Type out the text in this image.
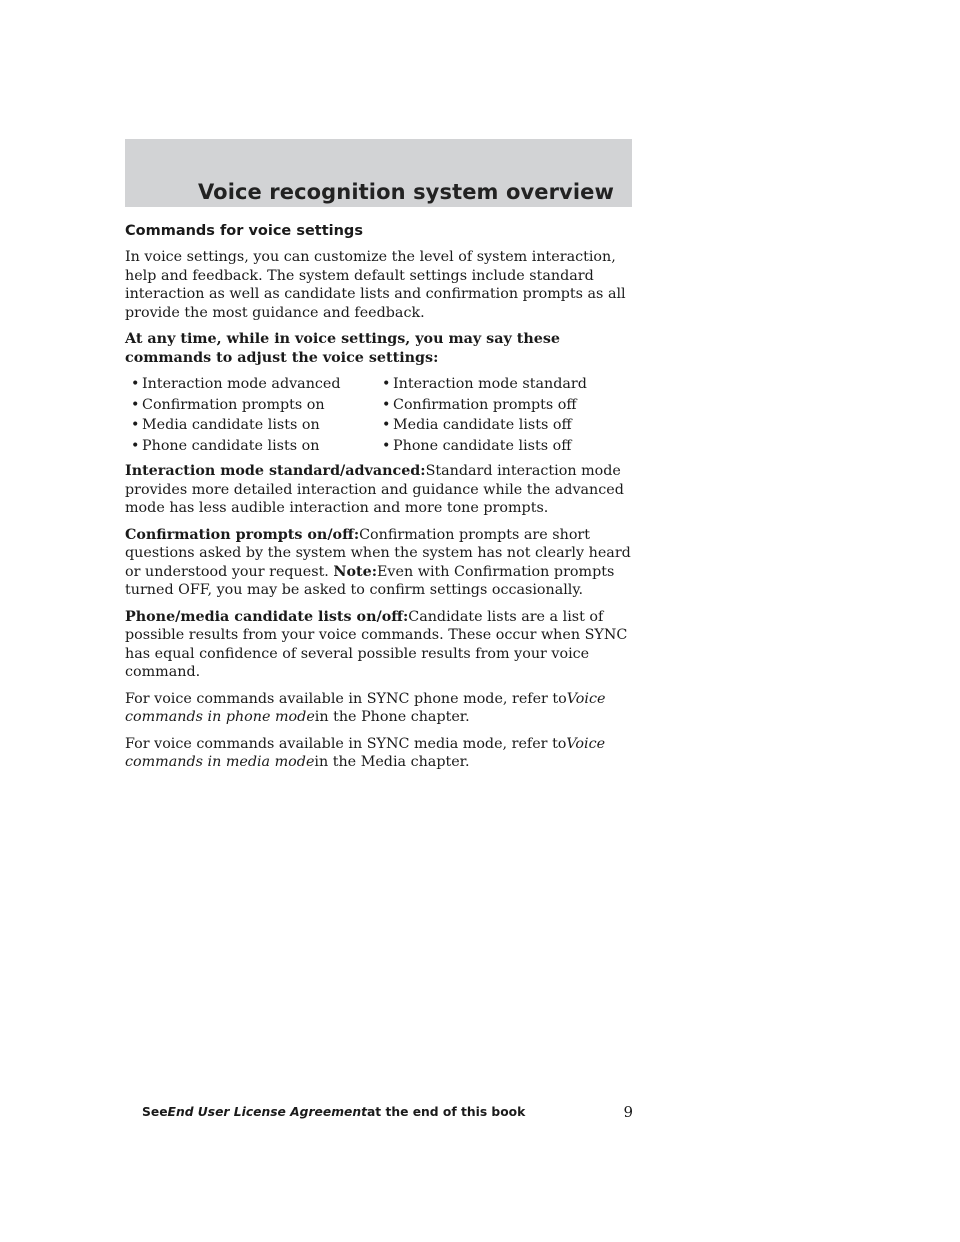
Voice recognition system overview
Commands for voice settings

In voice settings, you can customize the level of system interaction, help and feedback. The system default settings include standard interaction as well as candidate lists and confirmation prompts as all provide the most guidance and feedback.

At any time, while in voice settings, you may say these commands to adjust the voice settings:

• Interaction mode advanced	• Interaction mode standard
• Confirmation prompts on	• Confirmation prompts off
• Media candidate lists on	• Media candidate lists off
• Phone candidate lists on	• Phone candidate lists off

Interaction mode standard/advanced:Standard interaction mode provides more detailed interaction and guidance while the advanced mode has less audible interaction and more tone prompts.

Confirmation prompts on/off:Confirmation prompts are short questions asked by the system when the system has not clearly heard or understood your request. Note:Even with Confirmation prompts turned OFF, you may be asked to confirm settings occasionally.

Phone/media candidate lists on/off:Candidate lists are a list of possible results from your voice commands. These occur when SYNC has equal confidence of several possible results from your voice command.

For voice commands available in SYNC phone mode, refer toVoice commands in phone modein the Phone chapter.

For voice commands available in SYNC media mode, refer toVoice commands in media modein the Media chapter.

SeeEnd User License Agreementat the end of this book	9
